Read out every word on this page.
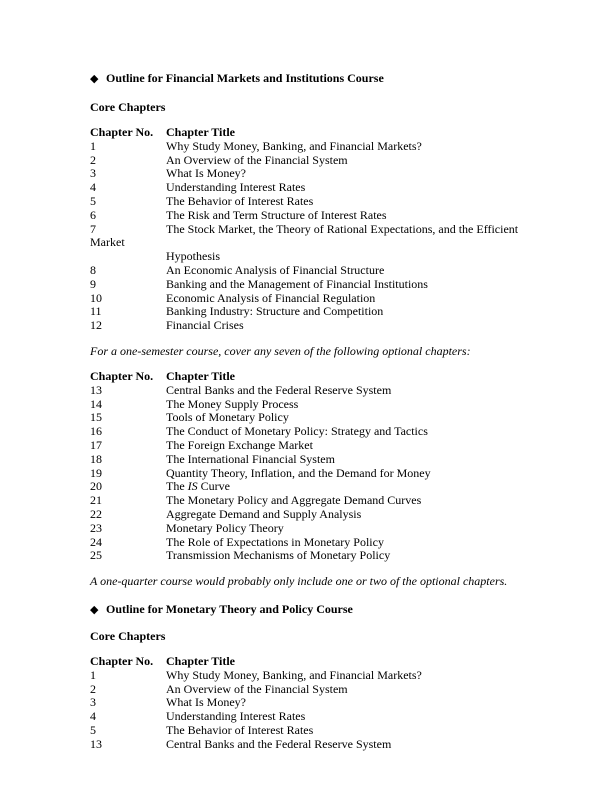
◆ Outline for Financial Markets and Institutions Course
Core Chapters
Chapter No. Chapter Title
1	Why Study Money, Banking, and Financial Markets?
2	An Overview of the Financial System
3	What Is Money?
4	Understanding Interest Rates
5	The Behavior of Interest Rates
6	The Risk and Term Structure of Interest Rates
7	The Stock Market, the Theory of Rational Expectations, and the Efficient Market
Hypothesis
8	An Economic Analysis of Financial Structure
9	Banking and the Management of Financial Institutions
10	Economic Analysis of Financial Regulation
11	Banking Industry: Structure and Competition
12	Financial Crises
For a one-semester course, cover any seven of the following optional chapters:
Chapter No. Chapter Title
13	Central Banks and the Federal Reserve System
14	The Money Supply Process
15	Tools of Monetary Policy
16	The Conduct of Monetary Policy: Strategy and Tactics
17	The Foreign Exchange Market
18	The International Financial System
19	Quantity Theory, Inflation, and the Demand for Money
20	The IS Curve
21	The Monetary Policy and Aggregate Demand Curves
22	Aggregate Demand and Supply Analysis
23	Monetary Policy Theory
24	The Role of Expectations in Monetary Policy
25	Transmission Mechanisms of Monetary Policy
A one-quarter course would probably only include one or two of the optional chapters.
◆ Outline for Monetary Theory and Policy Course
Core Chapters
Chapter No. Chapter Title
1	Why Study Money, Banking, and Financial Markets?
2	An Overview of the Financial System
3	What Is Money?
4	Understanding Interest Rates
5	The Behavior of Interest Rates
13	Central Banks and the Federal Reserve System
